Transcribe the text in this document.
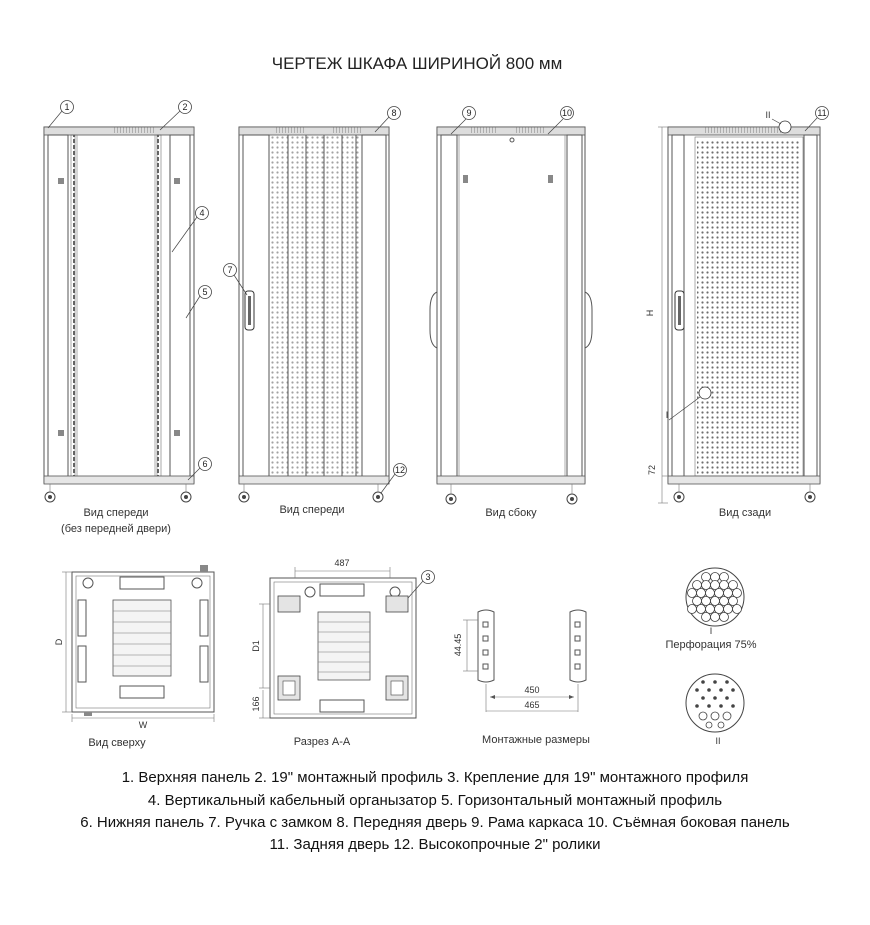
ЧЕРТЕЖ ШКАФА ШИРИНОЙ 800 мм
Вид спереди
(без передней двери)
1	2
4
5
6
Вид спереди
7
8
12
Вид сбоку
9	10
H
72
I
II
Вид сзади
11
D
W
Вид сверху
487
D1
166
Разрез А-А
3
44.45
450
465
Монтажные размеры
I
Перфорация 75%
II
1. Верхняя панель 2. 19" монтажный профиль 3. Крепление для 19" монтажного профиля
4. Вертикальный кабельный органызатор 5. Горизонтальный монтажный профиль
6. Нижняя панель 7. Ручка с замком 8. Передняя дверь 9. Рама каркаса 10. Съёмная боковая панель
11. Задняя дверь 12. Высокопрочные 2" ролики
